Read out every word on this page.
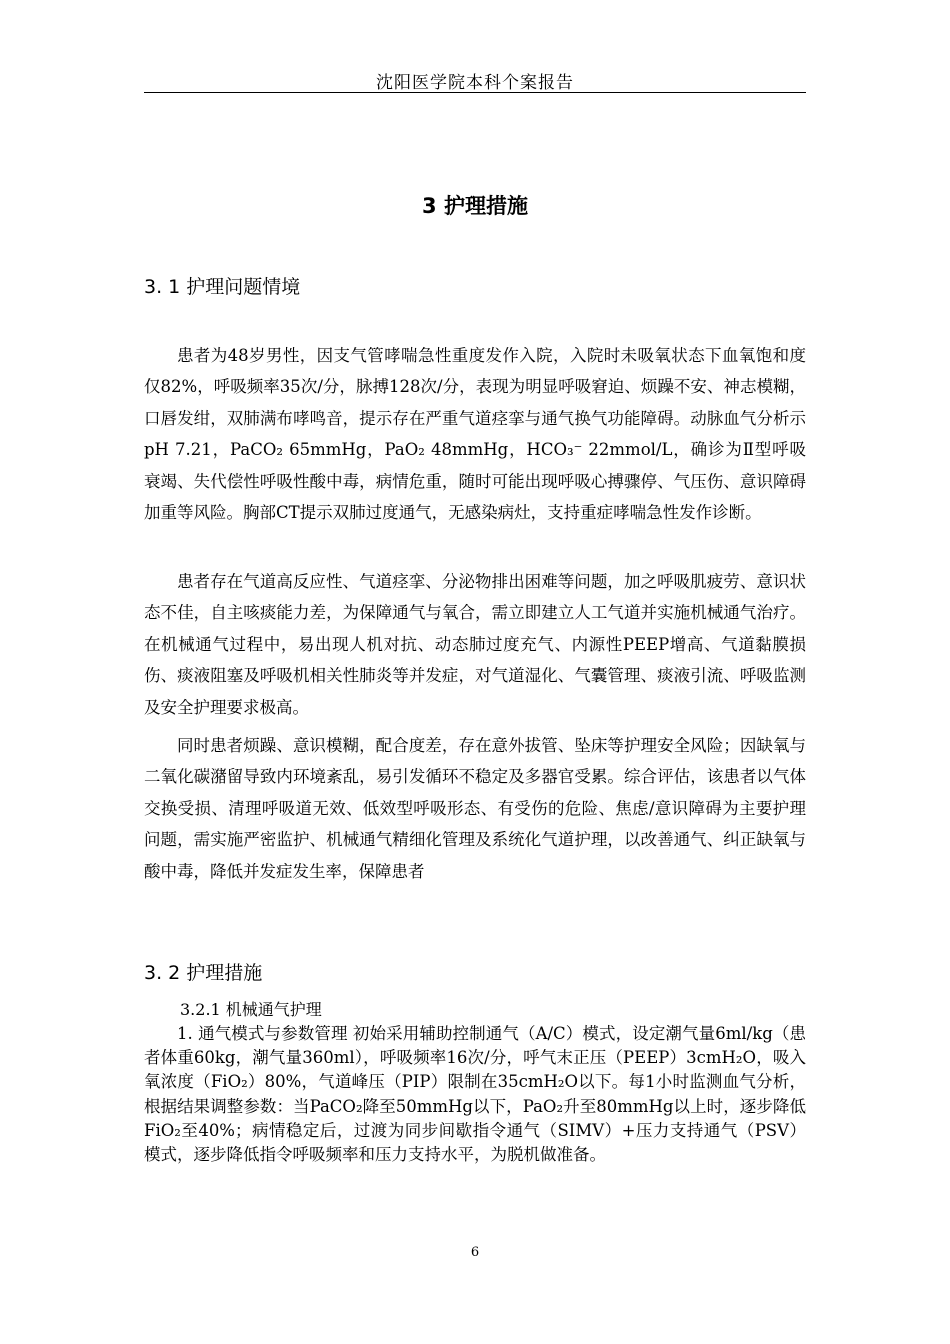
沈阳医学院本科个案报告
3 护理措施
3. 1 护理问题情境

患者为48岁男性，因支气管哮喘急性重度发作入院，入院时未吸氧状态下血氧饱和度仅82%，呼吸频率35次/分，脉搏128次/分，表现为明显呼吸窘迫、烦躁不安、神志模糊，口唇发绀，双肺满布哮鸣音，提示存在严重气道痉挛与通气换气功能障碍。动脉血气分析示pH 7.21，PaCO₂ 65mmHg，PaO₂ 48mmHg，HCO₃⁻ 22mmol/L，确诊为Ⅱ型呼吸衰竭、失代偿性呼吸性酸中毒，病情危重，随时可能出现呼吸心搏骤停、气压伤、意识障碍加重等风险。胸部CT提示双肺过度通气，无感染病灶，支持重症哮喘急性发作诊断。

患者存在气道高反应性、气道痉挛、分泌物排出困难等问题，加之呼吸肌疲劳、意识状态不佳，自主咳痰能力差，为保障通气与氧合，需立即建立人工气道并实施机械通气治疗。在机械通气过程中，易出现人机对抗、动态肺过度充气、内源性PEEP增高、气道黏膜损伤、痰液阻塞及呼吸机相关性肺炎等并发症，对气道湿化、气囊管理、痰液引流、呼吸监测及安全护理要求极高。

同时患者烦躁、意识模糊，配合度差，存在意外拔管、坠床等护理安全风险；因缺氧与二氧化碳潴留导致内环境紊乱，易引发循环不稳定及多器官受累。综合评估，该患者以气体交换受损、清理呼吸道无效、低效型呼吸形态、有受伤的危险、焦虑/意识障碍为主要护理问题，需实施严密监护、机械通气精细化管理及系统化气道护理，以改善通气、纠正缺氧与酸中毒，降低并发症发生率，保障患者

3. 2 护理措施
3.2.1 机械通气护理

1. 通气模式与参数管理 初始采用辅助控制通气（A/C）模式，设定潮气量6ml/kg（患者体重60kg，潮气量360ml），呼吸频率16次/分，呼气末正压（PEEP）3cmH₂O，吸入氧浓度（FiO₂）80%，气道峰压（PIP）限制在35cmH₂O以下。每1小时监测血气分析，根据结果调整参数：当PaCO₂降至50mmHg以下，PaO₂升至80mmHg以上时，逐步降低FiO₂至40%；病情稳定后，过渡为同步间歇指令通气（SIMV）+压力支持通气（PSV）模式，逐步降低指令呼吸频率和压力支持水平，为脱机做准备。

6
